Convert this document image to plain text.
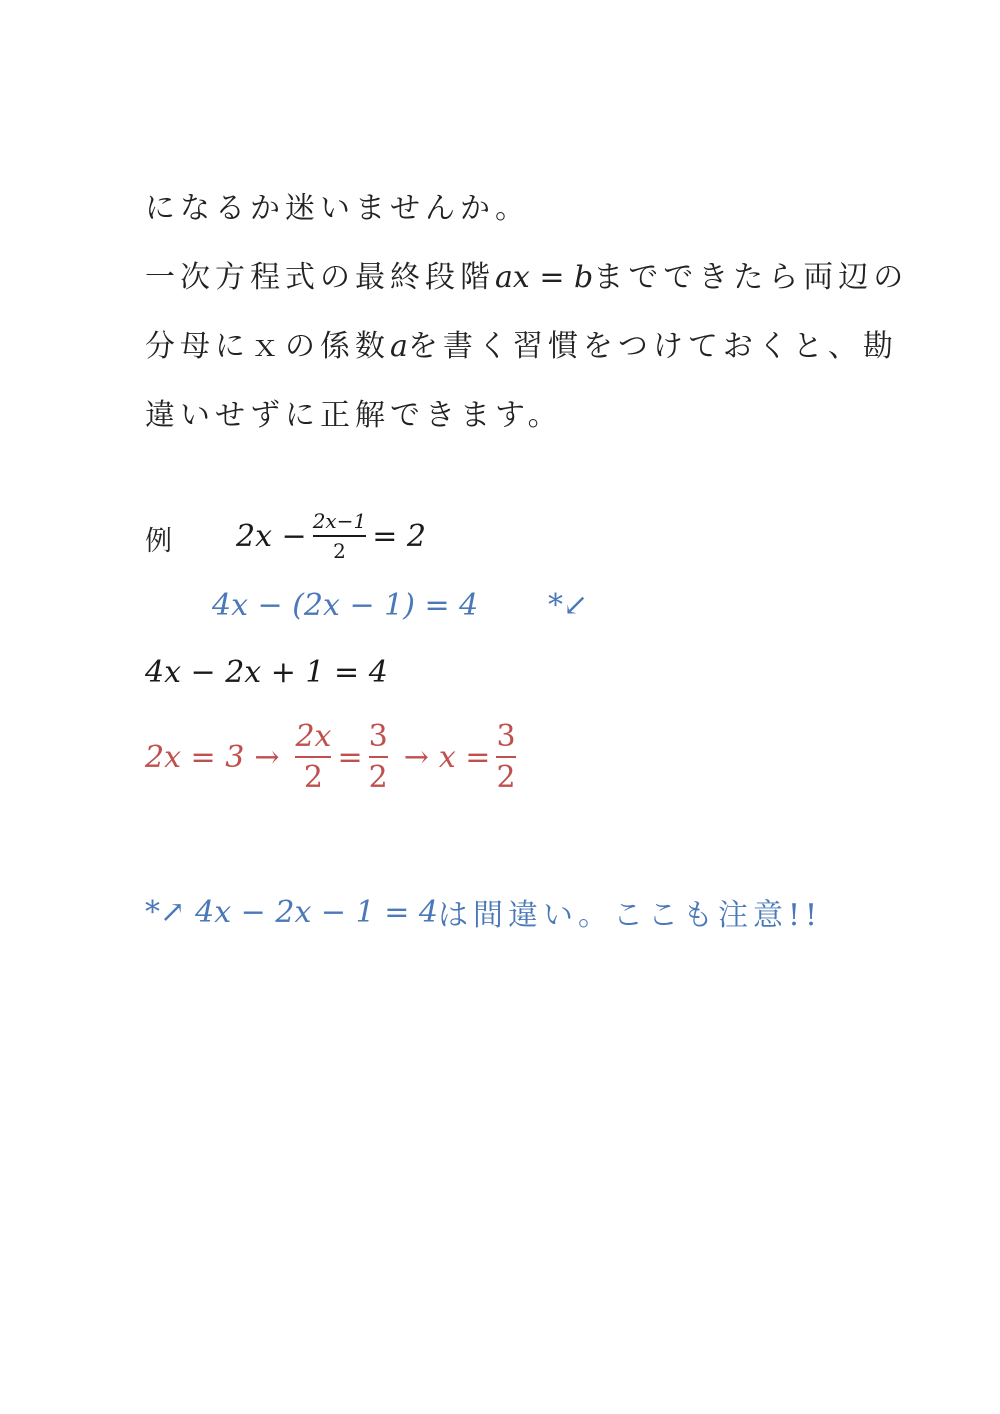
になるか迷いませんか。
一次方程式の最終段階ax = bまでできたら両辺の
分母にｘの係数aを書く習慣をつけておくと、勘
違いせずに正解できます。
例 $2x - \frac{2x-1}{2} = 2$
4x − (2x − 1) = 4 *↙
4x − 2x + 1 = 4
$2x = 3 \to \frac{2x}{2} = \frac{3}{2} \to x = \frac{3}{2}$
*↗ 4x − 2x − 1 = 4 は間違い。ここも注意!!
